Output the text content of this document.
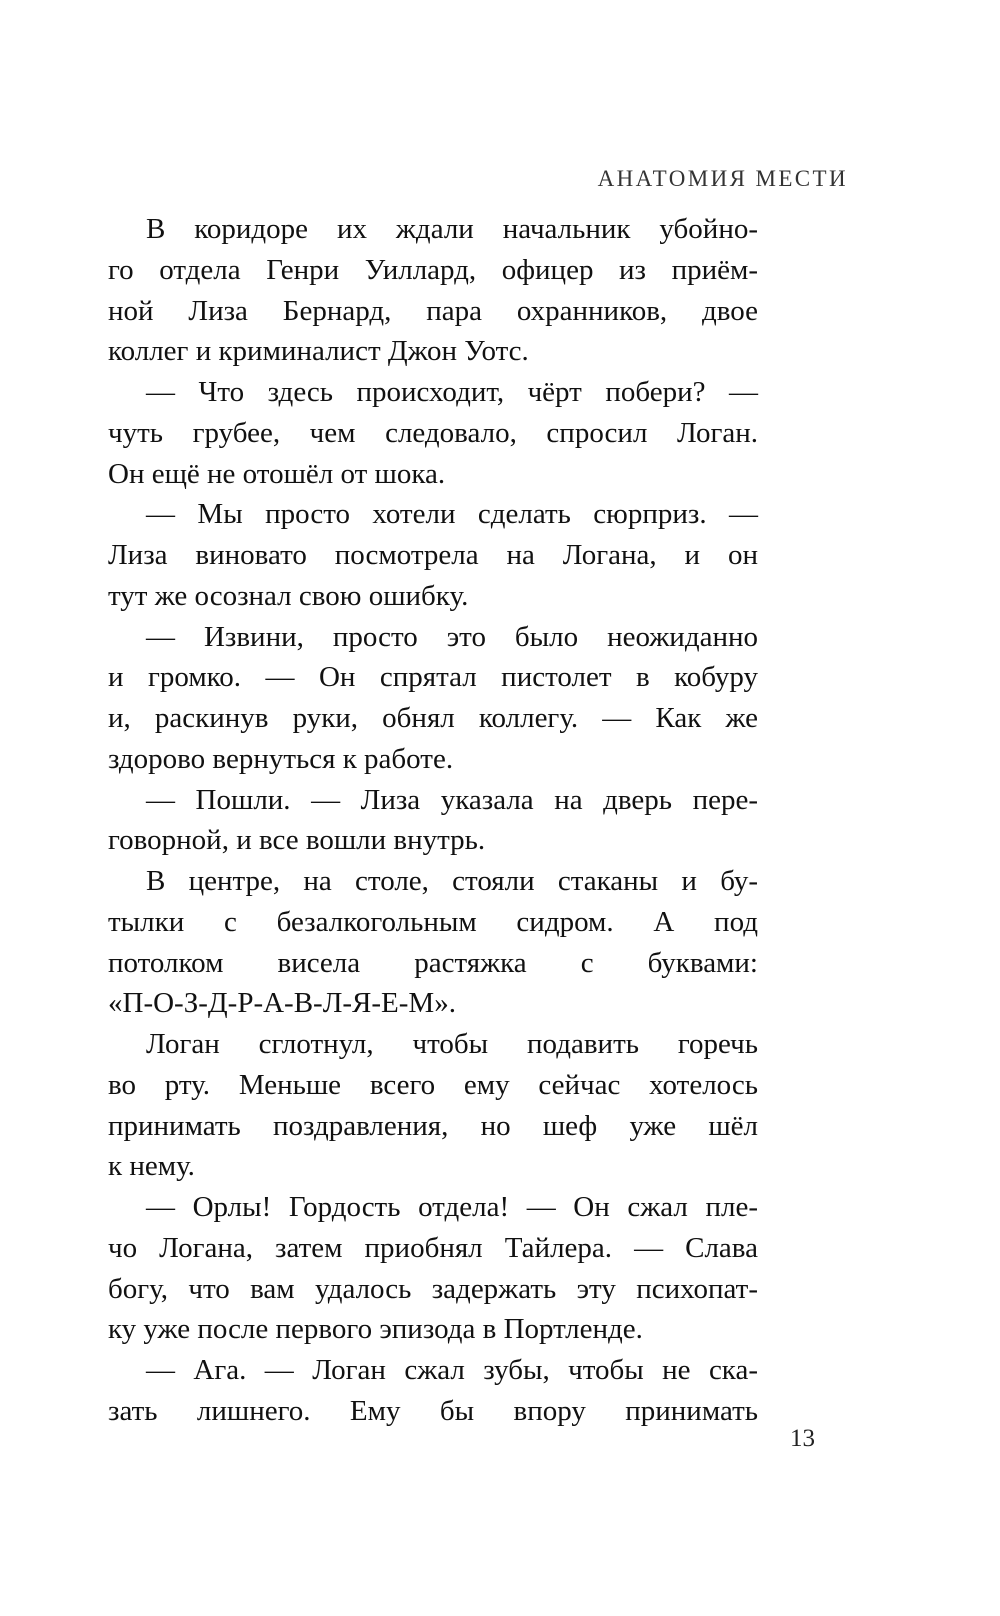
АНАТОМИЯ МЕСТИ
В коридоре их ждали начальник убойно-
го отдела Генри Уиллард, офицер из приём-
ной Лиза Бернард, пара охранников, двое
коллег и криминалист Джон Уотс.
— Что здесь происходит, чёрт побери? —
чуть грубее, чем следовало, спросил Логан.
Он ещё не отошёл от шока.
— Мы просто хотели сделать сюрприз. —
Лиза виновато посмотрела на Логана, и он
тут же осознал свою ошибку.
— Извини, просто это было неожиданно
и громко. — Он спрятал пистолет в кобуру
и, раскинув руки, обнял коллегу. — Как же
здорово вернуться к работе.
— Пошли. — Лиза указала на дверь пере-
говорной, и все вошли внутрь.
В центре, на столе, стояли стаканы и бу-
тылки с безалкогольным сидром. А под
потолком висела растяжка с буквами:
«П-О-З-Д-Р-А-В-Л-Я-Е-М».
Логан сглотнул, чтобы подавить горечь
во рту. Меньше всего ему сейчас хотелось
принимать поздравления, но шеф уже шёл
к нему.
— Орлы! Гордость отдела! — Он сжал пле-
чо Логана, затем приобнял Тайлера. — Слава
богу, что вам удалось задержать эту психопат-
ку уже после первого эпизода в Портленде.
— Ага. — Логан сжал зубы, чтобы не ска-
зать лишнего. Ему бы впору принимать
13
